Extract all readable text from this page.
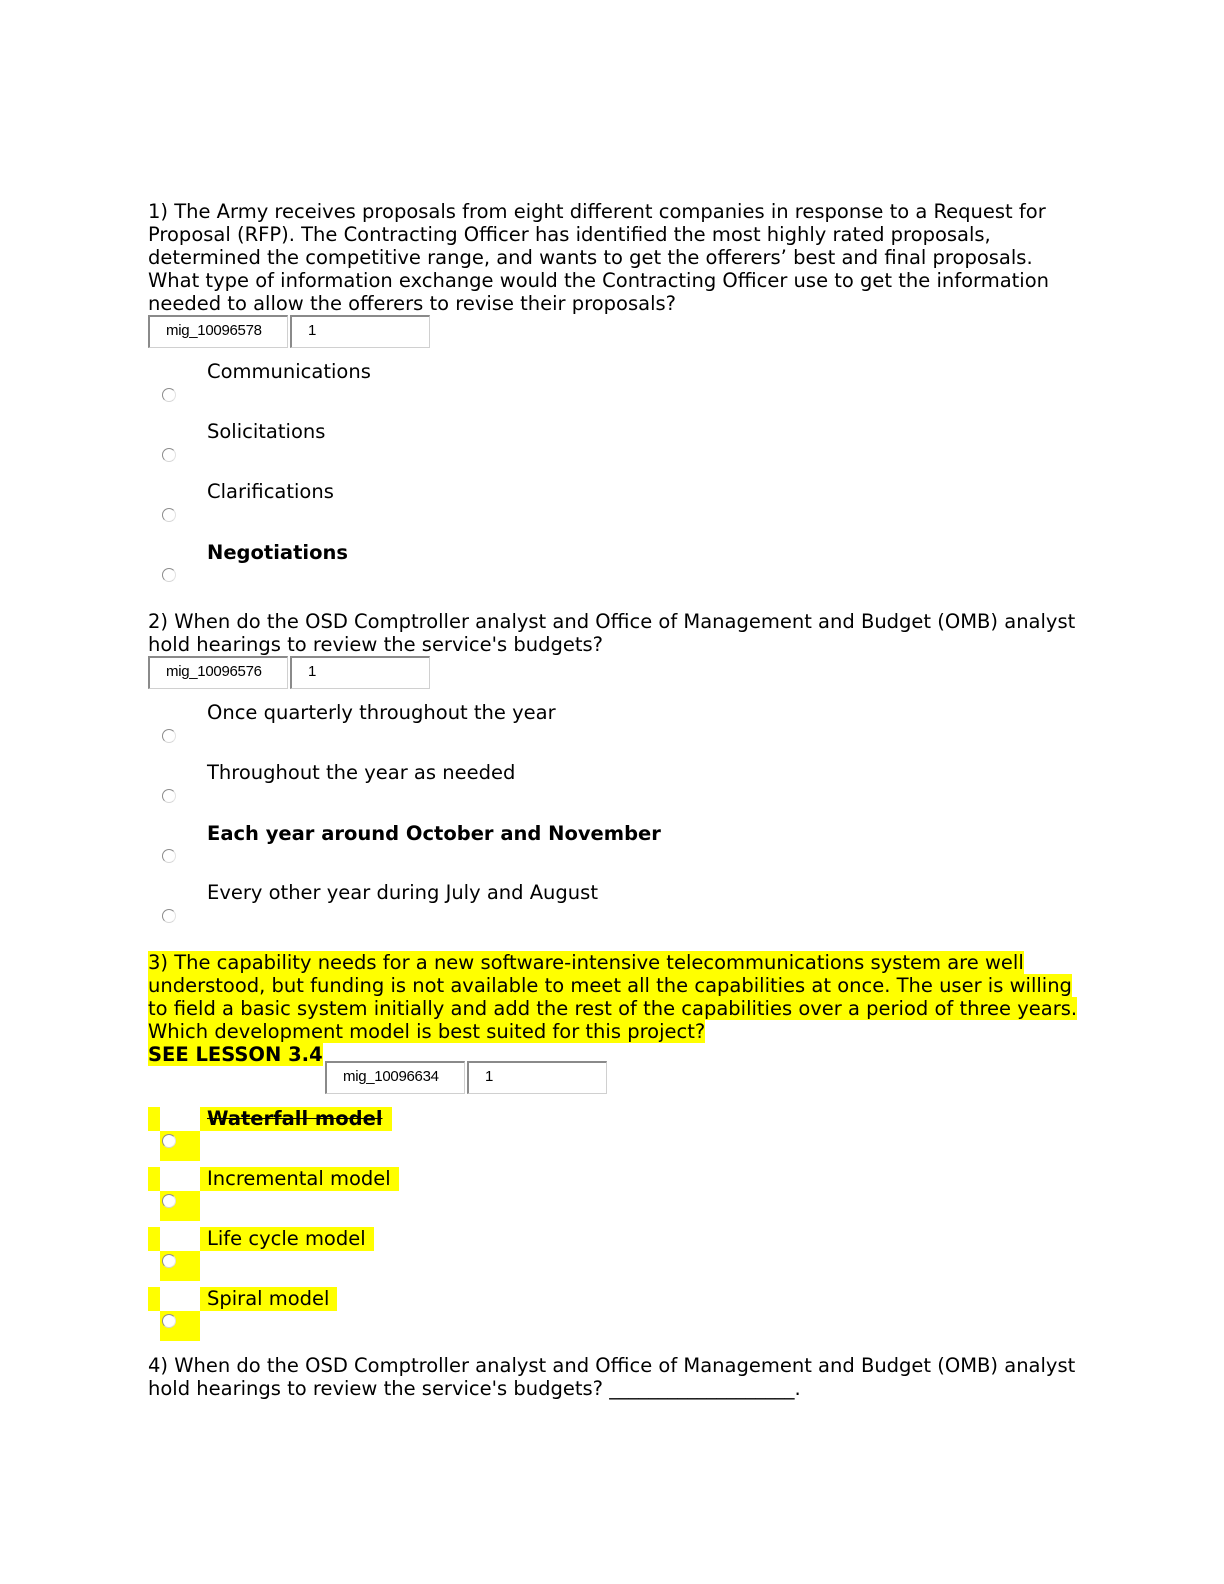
1) The Army receives proposals from eight different companies in response to a Request for Proposal (RFP). The Contracting Officer has identified the most highly rated proposals, determined the competitive range, and wants to get the offerers’ best and final proposals. What type of information exchange would the Contracting Officer use to get the information needed to allow the offerers to revise their proposals?
mig_10096578	1
Communications
Solicitations
Clarifications
Negotiations
2) When do the OSD Comptroller analyst and Office of Management and Budget (OMB) analyst hold hearings to review the service's budgets?
mig_10096576	1
Once quarterly throughout the year
Throughout the year as needed
Each year around October and November
Every other year during July and August
3) The capability needs for a new software-intensive telecommunications system are well understood, but funding is not available to meet all the capabilities at once. The user is willing to field a basic system initially and add the rest of the capabilities over a period of three years. Which development model is best suited for this project?
SEE LESSON 3.4
mig_10096634	1
Waterfall model
Incremental model
Life cycle model
Spiral model
4) When do the OSD Comptroller analyst and Office of Management and Budget (OMB) analyst hold hearings to review the service's budgets? ___________________.
